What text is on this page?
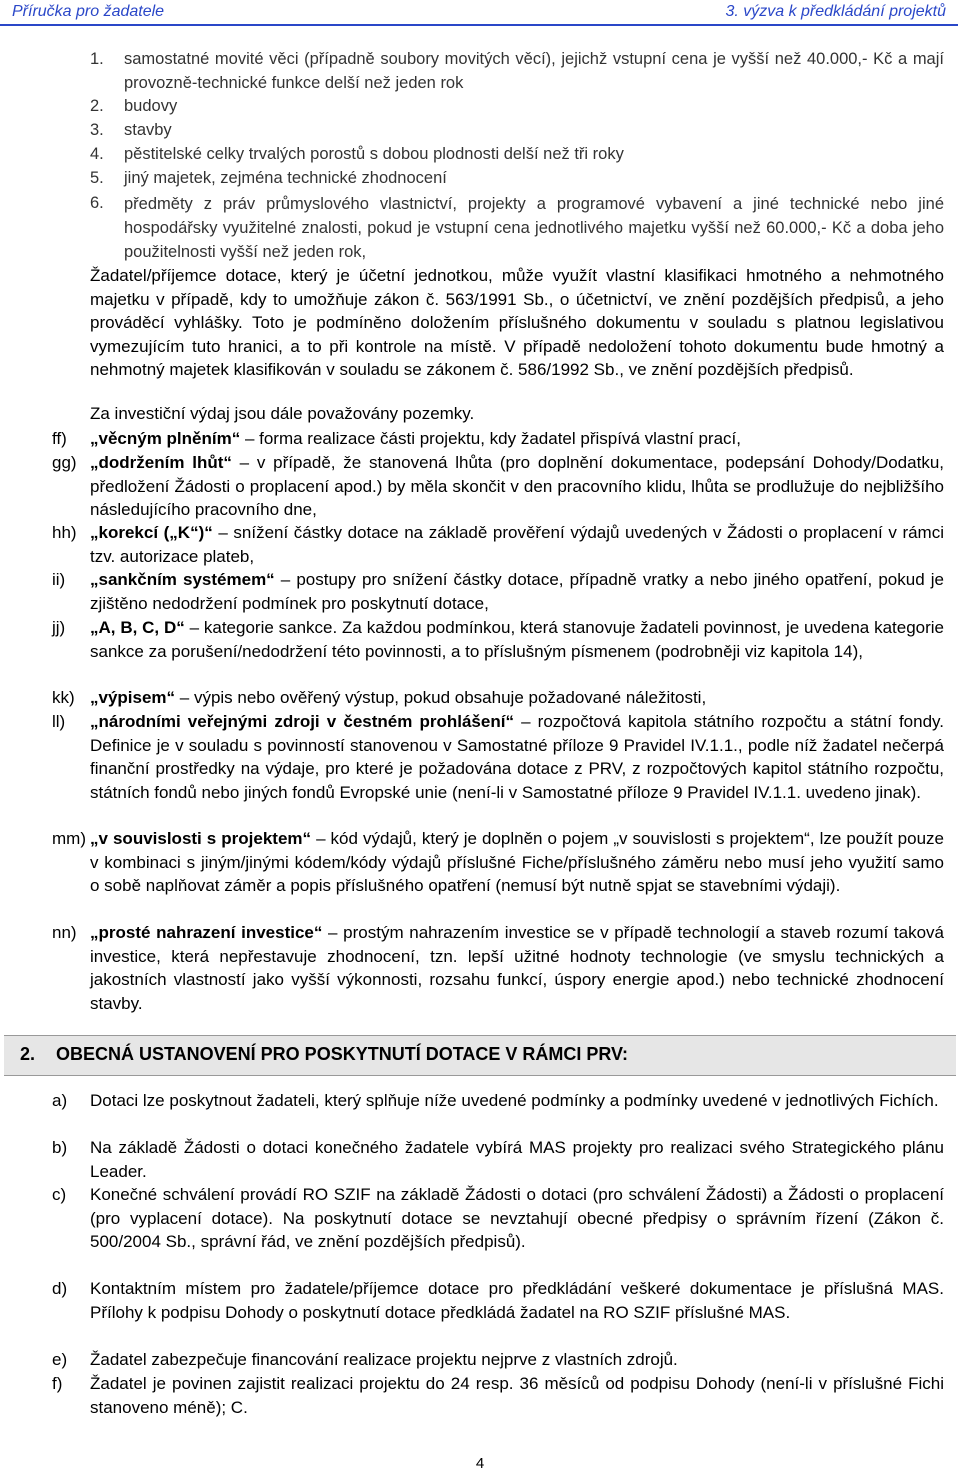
Příručka pro žadatele	3. výzva k předkládání projektů
1. samostatné movité věci (případně soubory movitých věcí), jejichž vstupní cena je vyšší než 40.000,- Kč a mají provozně-technické funkce delší než jeden rok
2. budovy
3. stavby
4. pěstitelské celky trvalých porostů s dobou plodnosti delší než tři roky
5. jiný majetek, zejména technické zhodnocení
6. předměty z práv průmyslového vlastnictví, projekty a programové vybavení a jiné technické nebo jiné hospodářsky využitelné znalosti, pokud je vstupní cena jednotlivého majetku vyšší než 60.000,- Kč a doba jeho použitelnosti vyšší než jeden rok,
Žadatel/příjemce dotace, který je účetní jednotkou, může využít vlastní klasifikaci hmotného a nehmotného majetku v případě, kdy to umožňuje zákon č. 563/1991 Sb., o účetnictví, ve znění pozdějších předpisů, a jeho prováděcí vyhlášky. Toto je podmíněno doložením příslušného dokumentu v souladu s platnou legislativou vymezujícím tuto hranici, a to při kontrole na místě. V případě nedoložení tohoto dokumentu bude hmotný a nehmotný majetek klasifikován v souladu se zákonem č. 586/1992 Sb., ve znění pozdějších předpisů.
Za investiční výdaj jsou dále považovány pozemky.
ff) „věcným plněním“ – forma realizace části projektu, kdy žadatel přispívá vlastní prací,
gg) „dodržením lhůt“ – v případě, že stanovená lhůta (pro doplnění dokumentace, podepsání Dohody/Dodatku, předložení Žádosti o proplacení apod.) by měla skončit v den pracovního klidu, lhůta se prodlužuje do nejbližšího následujícího pracovního dne,
hh) „korekcí („K“)“ – snížení částky dotace na základě prověření výdajů uvedených v Žádosti o proplacení v rámci tzv. autorizace plateb,
ii) „sankčním systémem“ – postupy pro snížení částky dotace, případně vratky a nebo jiného opatření, pokud je zjištěno nedodržení podmínek pro poskytnutí dotace,
jj) „A, B, C, D“ – kategorie sankce. Za každou podmínkou, která stanovuje žadateli povinnost, je uvedena kategorie sankce za porušení/nedodržení této povinnosti, a to příslušným písmenem (podrobněji viz kapitola 14),
kk) „výpisem“ – výpis nebo ověřený výstup, pokud obsahuje požadované náležitosti,
ll) „národními veřejnými zdroji v čestném prohlášení“ – rozpočtová kapitola státního rozpočtu a státní fondy. Definice je v souladu s povinností stanovenou v Samostatné příloze 9 Pravidel IV.1.1., podle níž žadatel nečerpá finanční prostředky na výdaje, pro které je požadována dotace z PRV, z rozpočtových kapitol státního rozpočtu, státních fondů nebo jiných fondů Evropské unie (není-li v Samostatné příloze 9 Pravidel IV.1.1. uvedeno jinak).
mm) „v souvislosti s projektem“ – kód výdajů, který je doplněn o pojem „v souvislosti s projektem“, lze použít pouze v kombinaci s jiným/jinými kódem/kódy výdajů příslušné Fiche/příslušného záměru nebo musí jeho využití samo o sobě naplňovat záměr a popis příslušného opatření (nemusí být nutně spjat se stavebními výdaji).
nn) „prosté nahrazení investice“ – prostým nahrazením investice se v případě technologií a staveb rozumí taková investice, která nepřestavuje zhodnocení, tzn. lepší užitné hodnoty technologie (ve smyslu technických a jakostních vlastností jako vyšší výkonnosti, rozsahu funkcí, úspory energie apod.) nebo technické zhodnocení stavby.
2. OBECNÁ USTANOVENÍ PRO POSKYTNUTÍ DOTACE V RÁMCI PRV:
a) Dotaci lze poskytnout žadateli, který splňuje níže uvedené podmínky a podmínky uvedené v jednotlivých Fichích.
b) Na základě Žádosti o dotaci konečného žadatele vybírá MAS projekty pro realizaci svého Strategického plánu Leader.
c) Konečné schválení provádí RO SZIF na základě Žádosti o dotaci (pro schválení Žádosti) a Žádosti o proplacení (pro vyplacení dotace). Na poskytnutí dotace se nevztahují obecné předpisy o správním řízení (Zákon č. 500/2004 Sb., správní řád, ve znění pozdějších předpisů).
d) Kontaktním místem pro žadatele/příjemce dotace pro předkládání veškeré dokumentace je příslušná MAS. Přílohy k podpisu Dohody o poskytnutí dotace předkládá žadatel na RO SZIF příslušné MAS.
e) Žadatel zabezpečuje financování realizace projektu nejprve z vlastních zdrojů.
f) Žadatel je povinen zajistit realizaci projektu do 24 resp. 36 měsíců od podpisu Dohody (není-li v příslušné Fichi stanoveno méně); C.
4
